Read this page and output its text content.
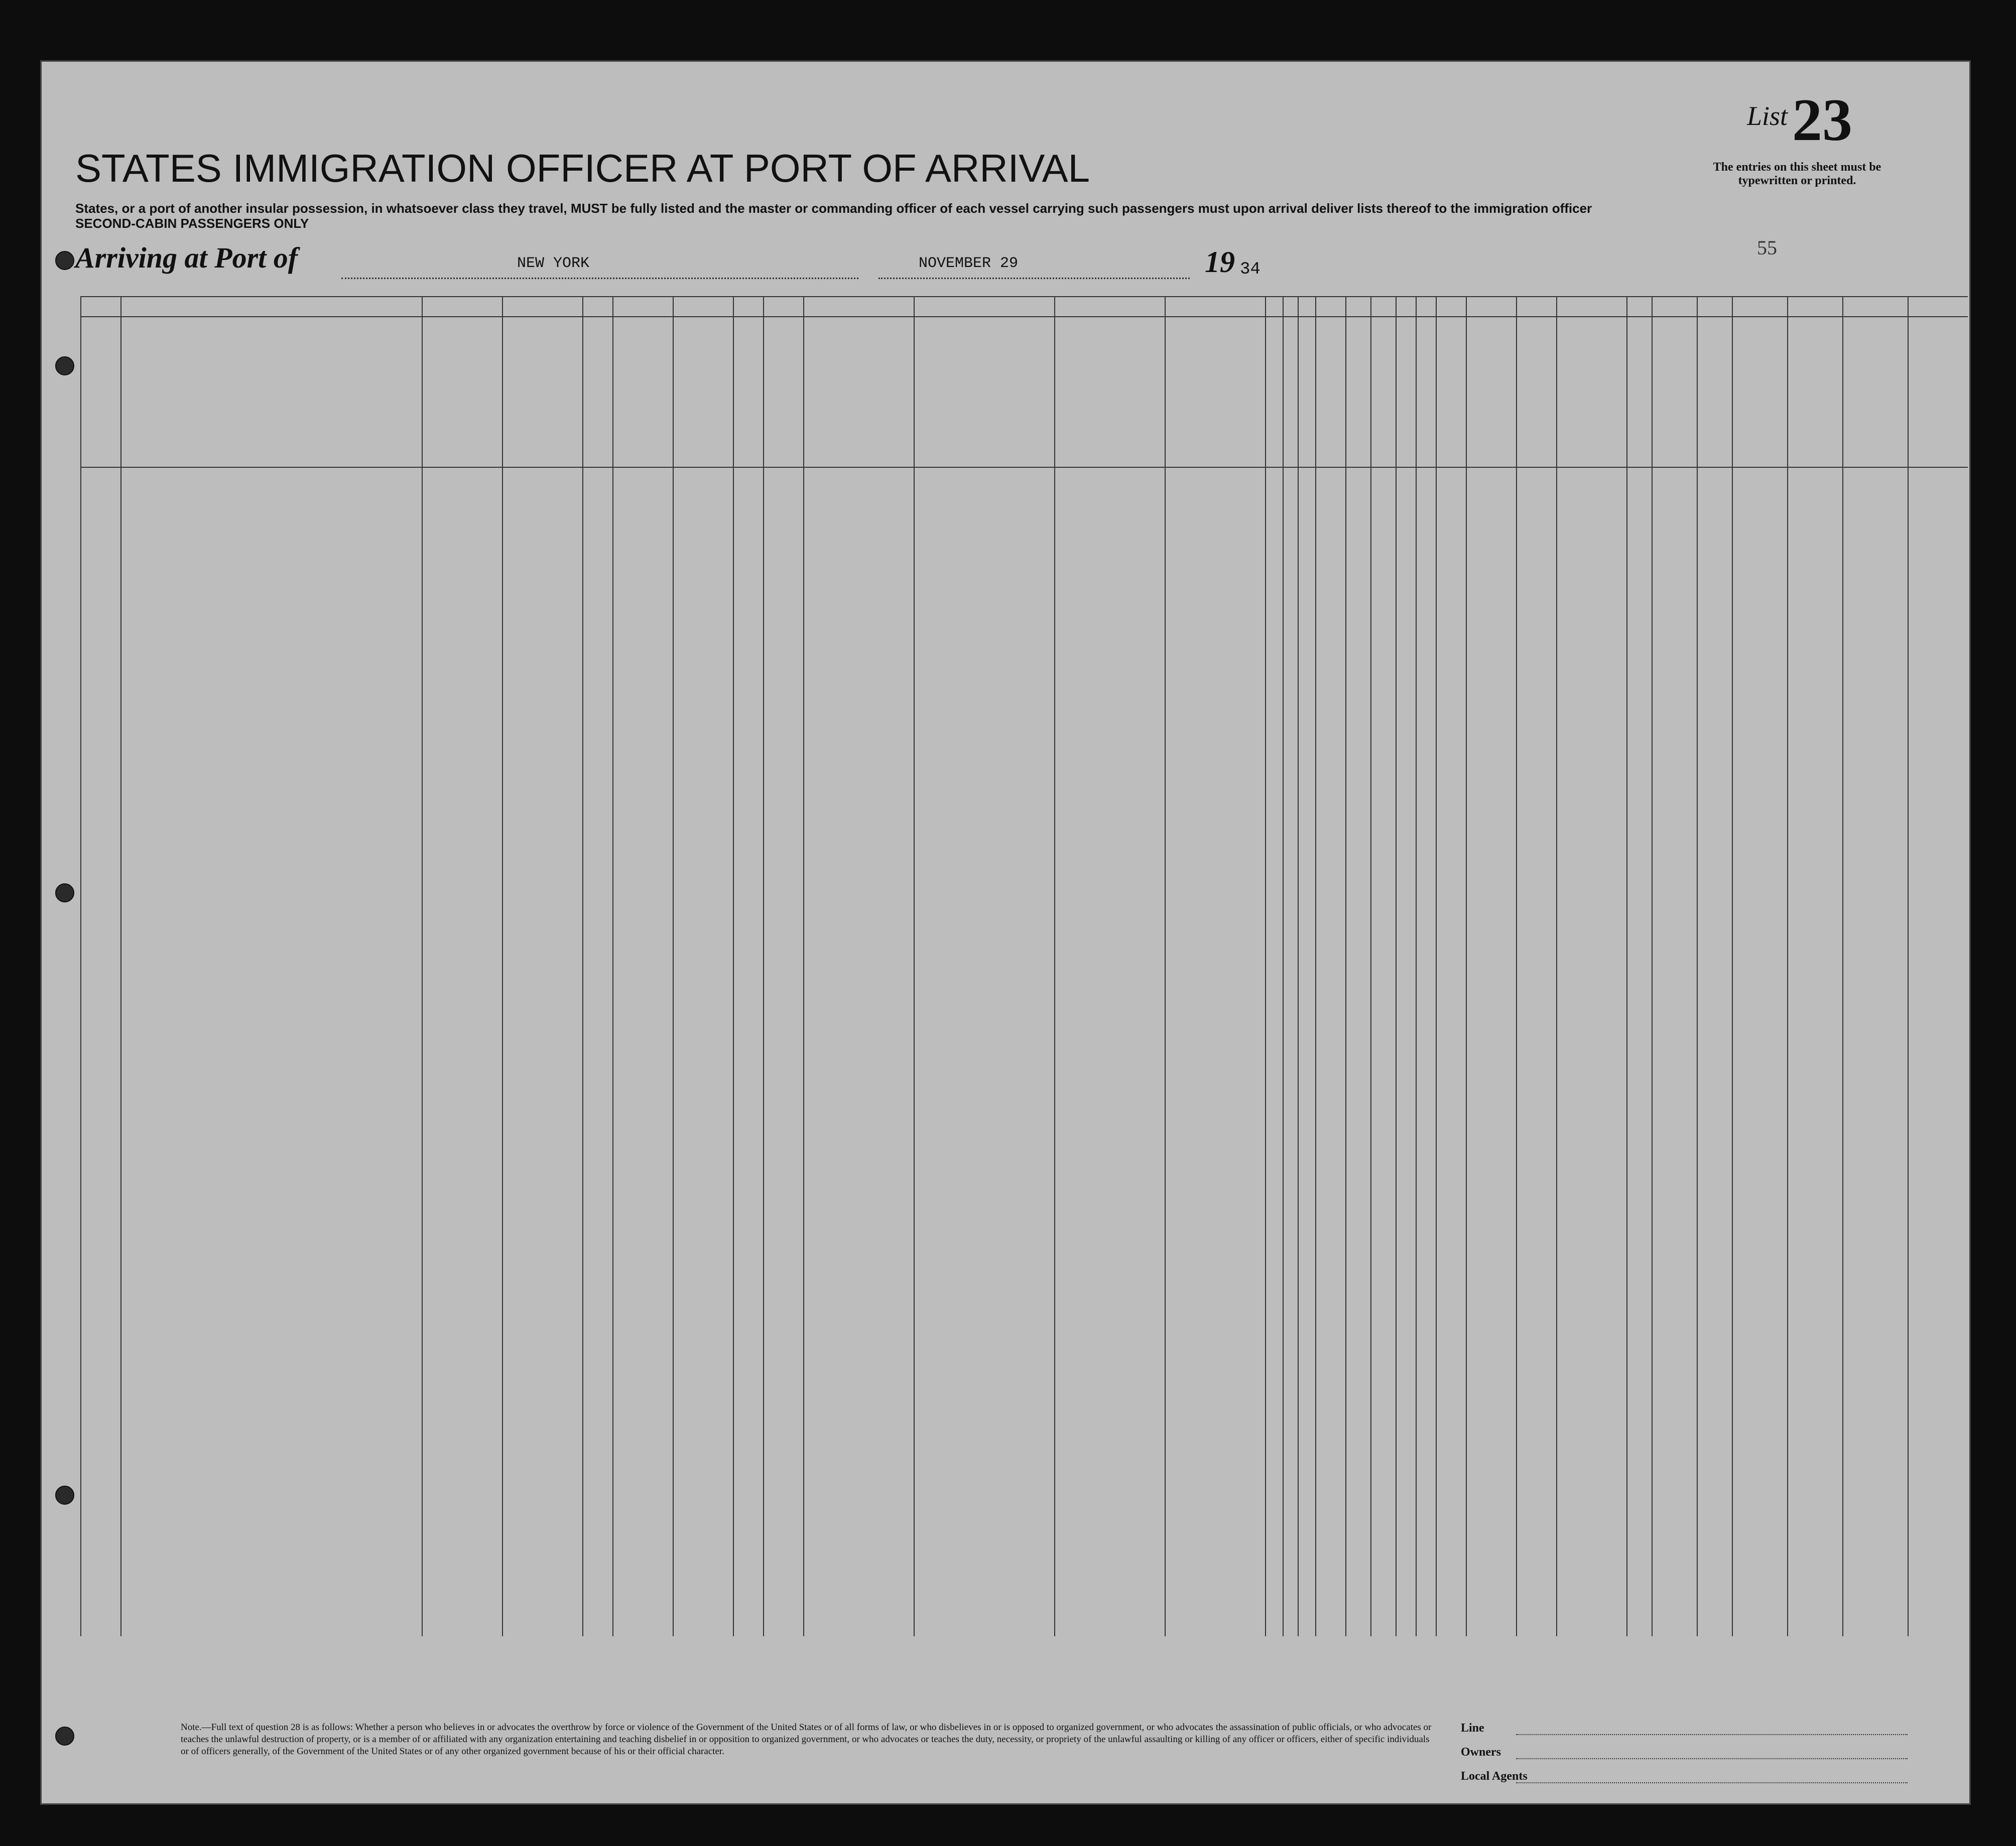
STATES IMMIGRATION OFFICER AT PORT OF ARRIVAL
List 23
The entries on this sheet must be typewritten or printed.
States, or a port of another insular possession, in whatsoever class they travel, MUST be fully listed and the master or commanding officer of each vessel carrying such passengers must upon arrival deliver lists thereof to the immigration officer
SECOND-CABIN PASSENGERS ONLY
Arriving at Port of	NEW YORK	NOVEMBER 29	19 34
55
Note.—Full text of question 28 is as follows: Whether a person who believes in or advocates the overthrow by force or violence of the Government of the United States or of all forms of law, or who disbelieves in or is opposed to organized government, or who advocates the assassination of public officials, or who advocates or teaches the unlawful destruction of property, or is a member of or affiliated with any organization entertaining and teaching disbelief in or opposition to organized government, or who advocates or teaches the duty, necessity, or propriety of the unlawful assaulting or killing of any officer or officers, either of specific individuals or of officers generally, of the Government of the United States or of any other organized government because of his or their official character.
Line
Owners
Local Agents
